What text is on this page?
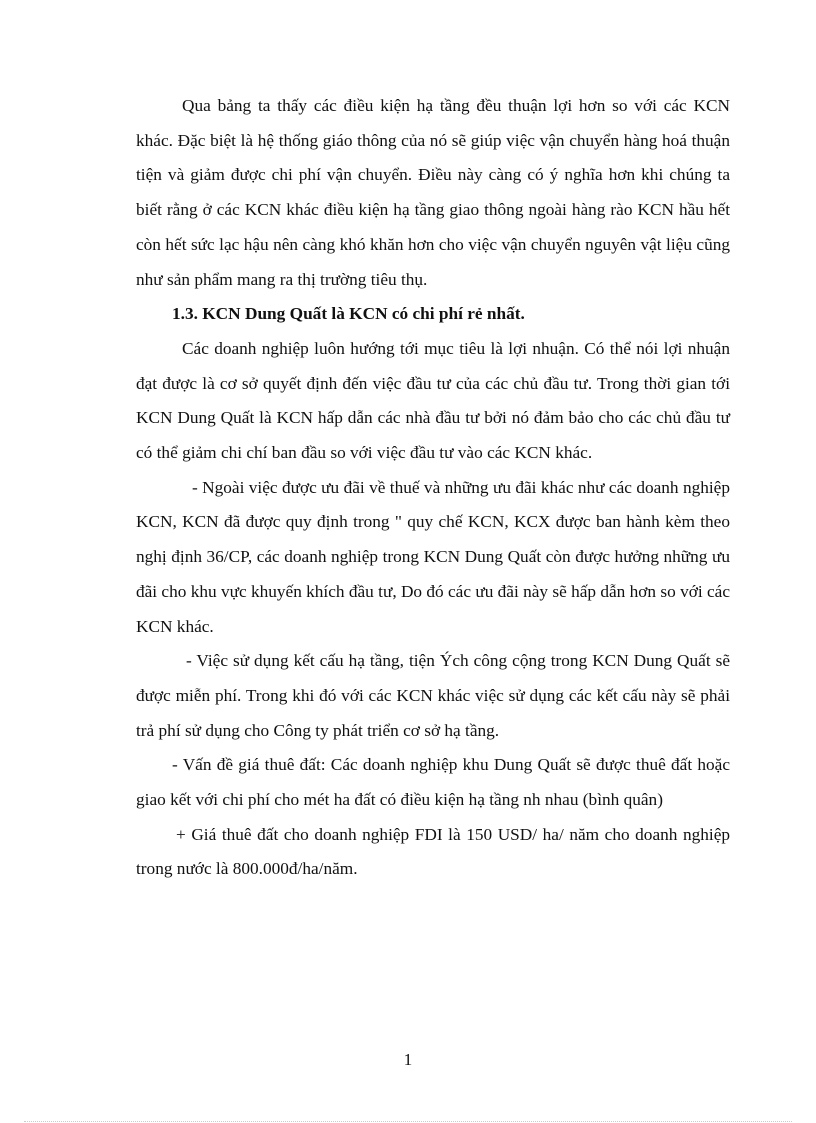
Qua bảng ta thấy các điều kiện hạ tầng đều thuận lợi hơn so với các KCN khác. Đặc biệt là hệ thống giáo thông của nó sẽ giúp việc vận chuyển hàng hoá thuận tiện và giảm được chi phí vận chuyển. Điều này càng có ý nghĩa hơn khi chúng ta biết rằng ở các KCN khác điều kiện hạ tầng giao thông ngoài hàng rào KCN hầu hết còn hết sức lạc hậu nên càng khó khăn hơn cho việc vận chuyển nguyên vật liệu cũng như sản phẩm mang ra thị trường tiêu thụ.

1.3. KCN Dung Quất là KCN có chi phí rẻ nhất.

Các doanh nghiệp luôn hướng tới mục tiêu là lợi nhuận. Có thể nói lợi nhuận đạt được là cơ sở quyết định đến việc đầu tư của các chủ đầu tư. Trong thời gian tới KCN Dung Quất là KCN hấp dẫn các nhà đầu tư bởi nó đảm bảo cho các chủ đầu tư có thể giảm chi chí ban đầu so với việc đầu tư vào các KCN khác.

- Ngoài việc được ưu đãi về thuế và những ưu đãi khác như các doanh nghiệp KCN, KCN đã được quy định trong " quy chế KCN, KCX được ban hành kèm theo nghị định 36/CP, các doanh nghiệp trong KCN Dung Quất còn được hưởng những ưu đãi cho khu vực khuyến khích đầu tư, Do đó các ưu đãi này sẽ hấp dẫn hơn so với các KCN khác.

- Việc sử dụng kết cấu hạ tầng, tiện Ých công cộng trong KCN Dung Quất sẽ được miễn phí. Trong khi đó với các KCN khác việc sử dụng các kết cấu này sẽ phải trả phí sử dụng cho Công ty phát triển cơ sở hạ tầng.

- Vấn đề giá thuê đất: Các doanh nghiệp khu Dung Quất sẽ được thuê đất hoặc giao kết với chi phí cho mét ha đất có điều kiện hạ tầng nh nhau (bình quân)

+ Giá thuê đất cho doanh nghiệp FDI là 150 USD/ ha/ năm cho doanh nghiệp trong nước là 800.000đ/ha/năm.

1
